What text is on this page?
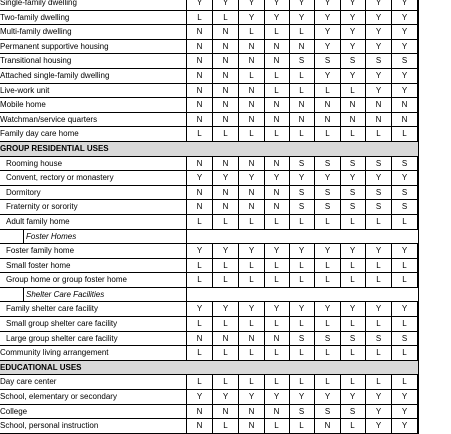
Single-family dwelling	Y	Y	Y	Y	Y	Y	Y	Y	Y
Two-family dwelling	L	L	Y	Y	Y	Y	Y	Y	Y
Multi-family dwelling	N	N	L	L	L	Y	Y	Y	Y
Permanent supportive housing	N	N	N	N	N	Y	Y	Y	Y
Transitional housing	N	N	N	N	S	S	S	S	S
Attached single-family dwelling	N	N	L	L	L	Y	Y	Y	Y
Live-work unit	N	N	N	L	L	L	L	Y	Y
Mobile home	N	N	N	N	N	N	N	N	N
Watchman/service quarters	N	N	N	N	N	N	N	N	N
Family day care home	L	L	L	L	L	L	L	L	L
GROUP RESIDENTIAL USES
Rooming house	N	N	N	N	S	S	S	S	S
Convent, rectory or monastery	Y	Y	Y	Y	Y	Y	Y	Y	Y
Dormitory	N	N	N	N	S	S	S	S	S
Fraternity or sorority	N	N	N	N	S	S	S	S	S
Adult family home	L	L	L	L	L	L	L	L	L
Foster Homes
Foster family home	Y	Y	Y	Y	Y	Y	Y	Y	Y
Small foster home	L	L	L	L	L	L	L	L	L
Group home or group foster home	L	L	L	L	L	L	L	L	L
Shelter Care Facilities
Family shelter care facility	Y	Y	Y	Y	Y	Y	Y	Y	Y
Small group shelter care facility	L	L	L	L	L	L	L	L	L
Large group shelter care facility	N	N	N	N	S	S	S	S	S
Community living arrangement	L	L	L	L	L	L	L	L	L
EDUCATIONAL USES
Day care center	L	L	L	L	L	L	L	L	L
School, elementary or secondary	Y	Y	Y	Y	Y	Y	Y	Y	Y
College	N	N	N	N	S	S	S	Y	Y
School, personal instruction	N	L	N	L	L	N	L	Y	Y
